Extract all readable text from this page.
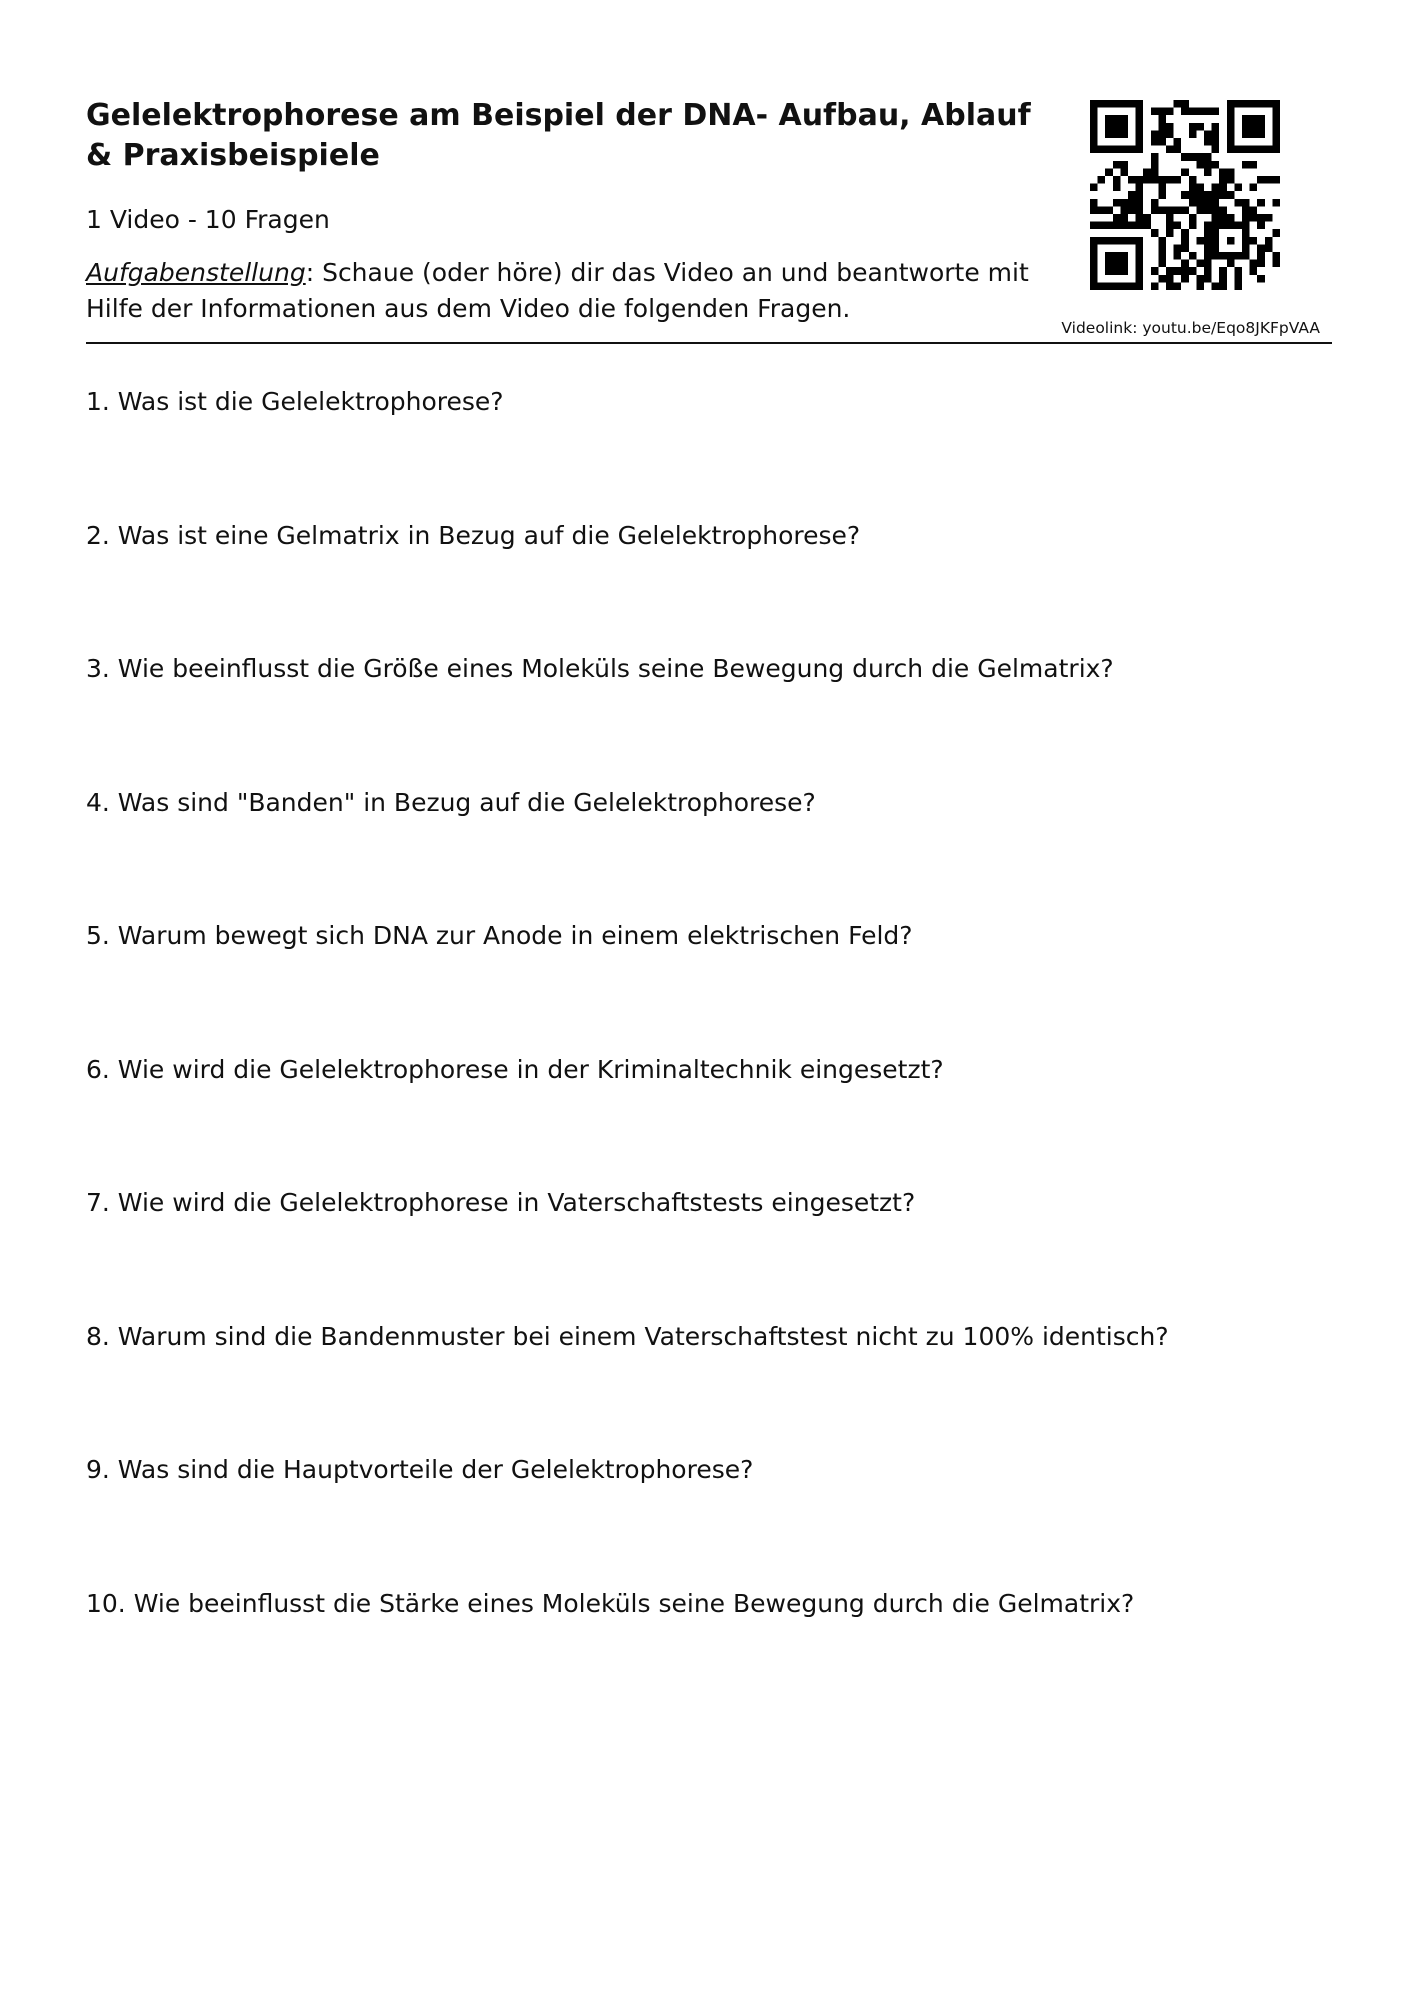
Gelelektrophorese am Beispiel der DNA- Aufbau, Ablauf & Praxisbeispiele

1 Video - 10 Fragen

Aufgabenstellung: Schaue (oder höre) dir das Video an und beantworte mit Hilfe der Informationen aus dem Video die folgenden Fragen.

Videolink: youtu.be/Eqo8JKFpVAA

1. Was ist die Gelelektrophorese?
2. Was ist eine Gelmatrix in Bezug auf die Gelelektrophorese?
3. Wie beeinflusst die Größe eines Moleküls seine Bewegung durch die Gelmatrix?
4. Was sind "Banden" in Bezug auf die Gelelektrophorese?
5. Warum bewegt sich DNA zur Anode in einem elektrischen Feld?
6. Wie wird die Gelelektrophorese in der Kriminaltechnik eingesetzt?
7. Wie wird die Gelelektrophorese in Vaterschaftstests eingesetzt?
8. Warum sind die Bandenmuster bei einem Vaterschaftstest nicht zu 100% identisch?
9. Was sind die Hauptvorteile der Gelelektrophorese?
10. Wie beeinflusst die Stärke eines Moleküls seine Bewegung durch die Gelmatrix?
